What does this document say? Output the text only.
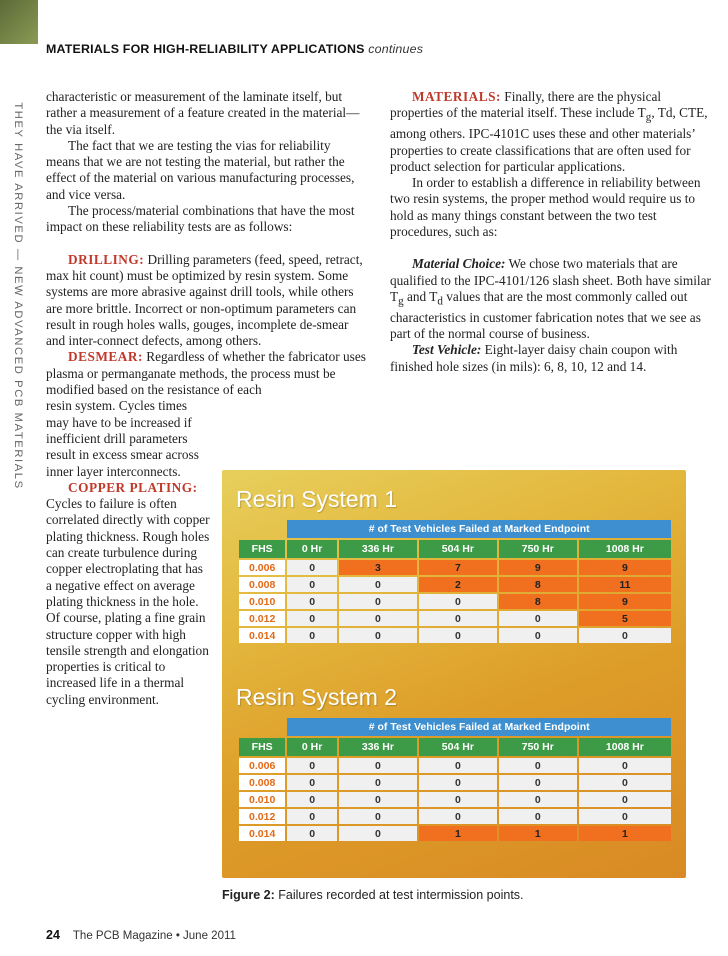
THEY HAVE ARRIVED — NEW ADVANCED PCB MATERIALS
MATERIALS FOR HIGH-RELIABILITY APPLICATIONS continues

characteristic or measurement of the laminate itself, but rather a measurement of a feature created in the material—the via itself.

The fact that we are testing the vias for reliability means that we are not testing the material, but rather the effect of the material on various manufacturing processes, and vice versa.

The process/material combinations that have the most impact on these reliability tests are as follows:

DRILLING: Drilling parameters (feed, speed, retract, max hit count) must be optimized by resin system. Some systems are more abrasive against drill tools, while others are more brittle. Incorrect or non-optimum parameters can result in rough holes walls, gouges, incomplete de-smear and inter-connect defects, among others.

DESMEAR: Regardless of whether the fabricator uses plasma or permanganate methods, the process must be modified based on the resistance of each

resin system. Cycles times may have to be increased if inefficient drill parameters result in excess smear across inner layer interconnects.

COPPER PLATING: Cycles to failure is often correlated directly with copper plating thickness. Rough holes can create turbulence during copper electroplating that has a negative effect on average plating thickness in the hole. Of course, plating a fine grain structure copper with high tensile strength and elongation properties is critical to increased life in a thermal cycling environment.

MATERIALS: Finally, there are the physical properties of the material itself. These include $T_g$, Td, CTE, among others. IPC-4101C uses these and other materials’ properties to create classifications that are often used for product selection for particular applications.

In order to establish a difference in reliability between two resin systems, the proper method would require us to hold as many things constant between the two test procedures, such as:

Material Choice: We chose two materials that are qualified to the IPC-4101/126 slash sheet. Both have similar $T_g$ and $T_d$ values that are the most commonly called out characteristics in customer fabrication notes that we see as part of the normal course of business.

Test Vehicle: Eight-layer daisy chain coupon with finished hole sizes (in mils): 6, 8, 10, 12 and 14.

Resin System 1
	# of Test Vehicles Failed at Marked Endpoint				
FHS	0 Hr	336 Hr	504 Hr	750 Hr	1008 Hr
0.006	0	3	7	9	9
0.008	0	0	2	8	11
0.010	0	0	0	8	9
0.012	0	0	0	0	5
0.014	0	0	0	0	0
Resin System 2
	# of Test Vehicles Failed at Marked Endpoint				
FHS	0 Hr	336 Hr	504 Hr	750 Hr	1008 Hr
0.006	0	0	0	0	0
0.008	0	0	0	0	0
0.010	0	0	0	0	0
0.012	0	0	0	0	0
0.014	0	0	1	1	1
Figure 2: Failures recorded at test intermission points.
24 The PCB Magazine • June 2011
